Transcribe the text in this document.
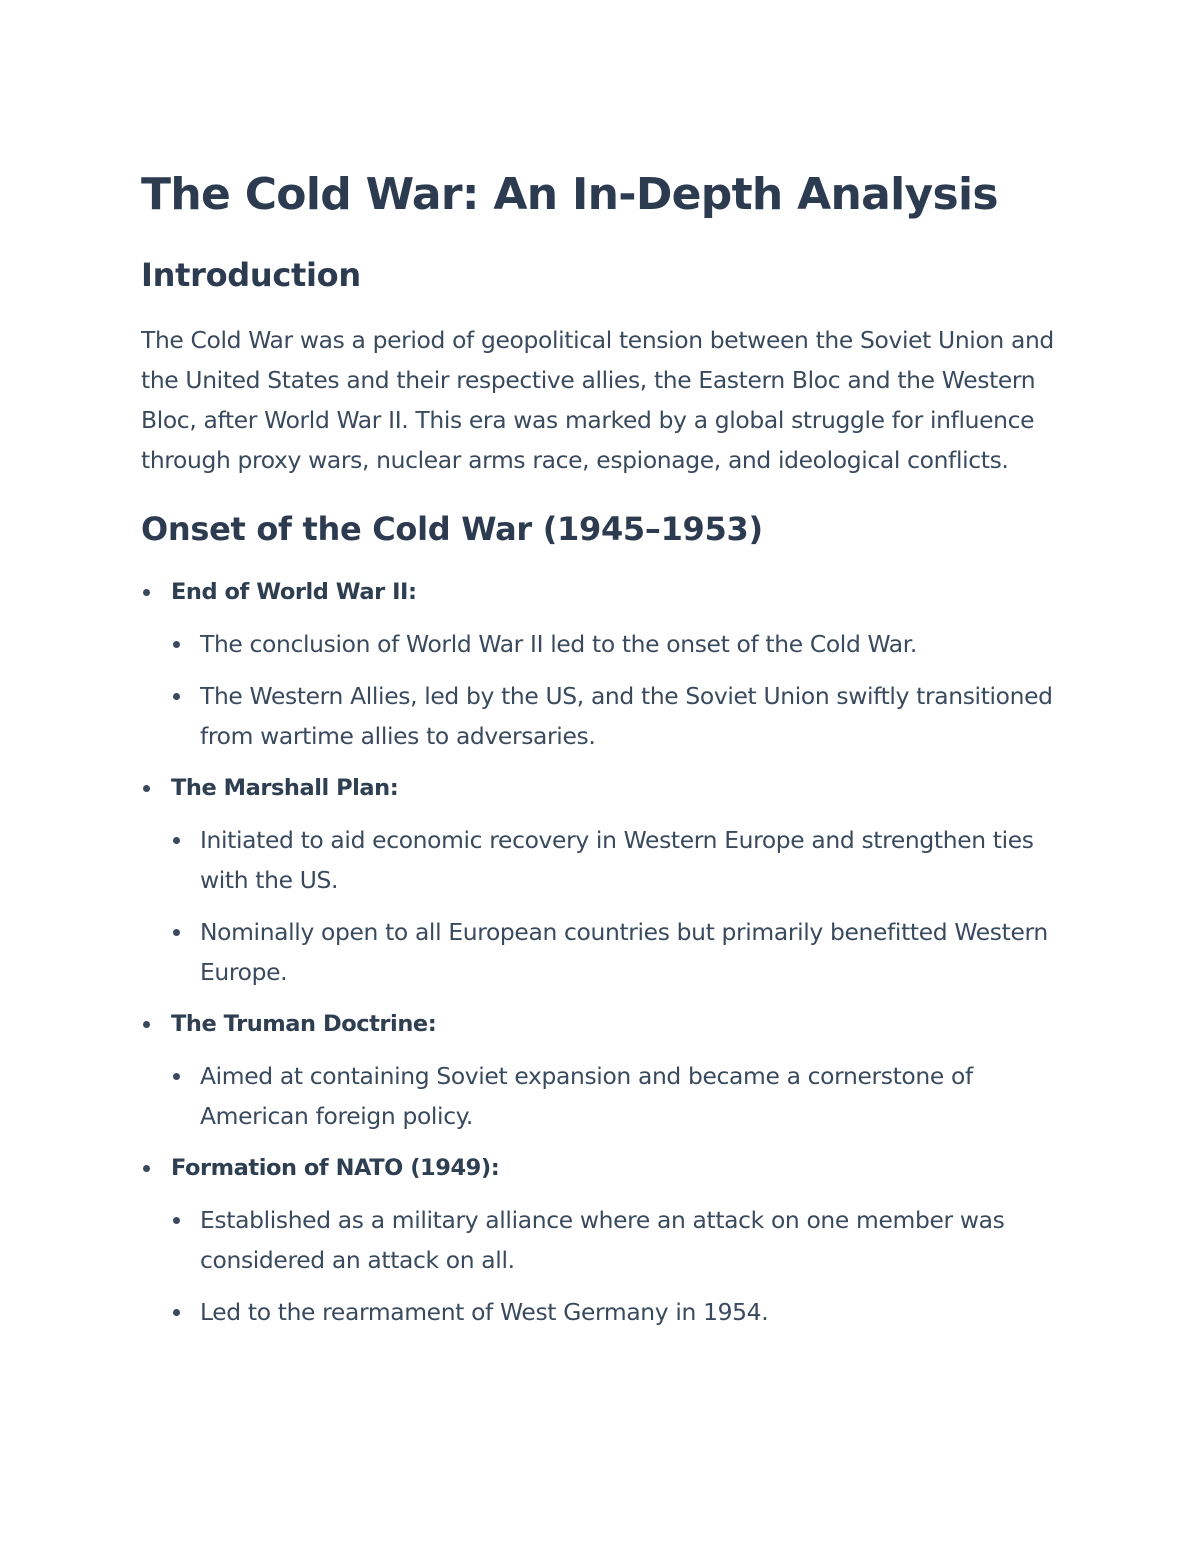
The Cold War: An In-Depth Analysis
Introduction

The Cold War was a period of geopolitical tension between the Soviet Union and the United States and their respective allies, the Eastern Bloc and the Western Bloc, after World War II. This era was marked by a global struggle for influence through proxy wars, nuclear arms race, espionage, and ideological conflicts.

Onset of the Cold War (1945–1953)
End of World War II:
The conclusion of World War II led to the onset of the Cold War.
The Western Allies, led by the US, and the Soviet Union swiftly transitioned from wartime allies to adversaries.
The Marshall Plan:
Initiated to aid economic recovery in Western Europe and strengthen ties with the US.
Nominally open to all European countries but primarily benefitted Western Europe.
The Truman Doctrine:
Aimed at containing Soviet expansion and became a cornerstone of American foreign policy.
Formation of NATO (1949):
Established as a military alliance where an attack on one member was considered an attack on all.
Led to the rearmament of West Germany in 1954.
